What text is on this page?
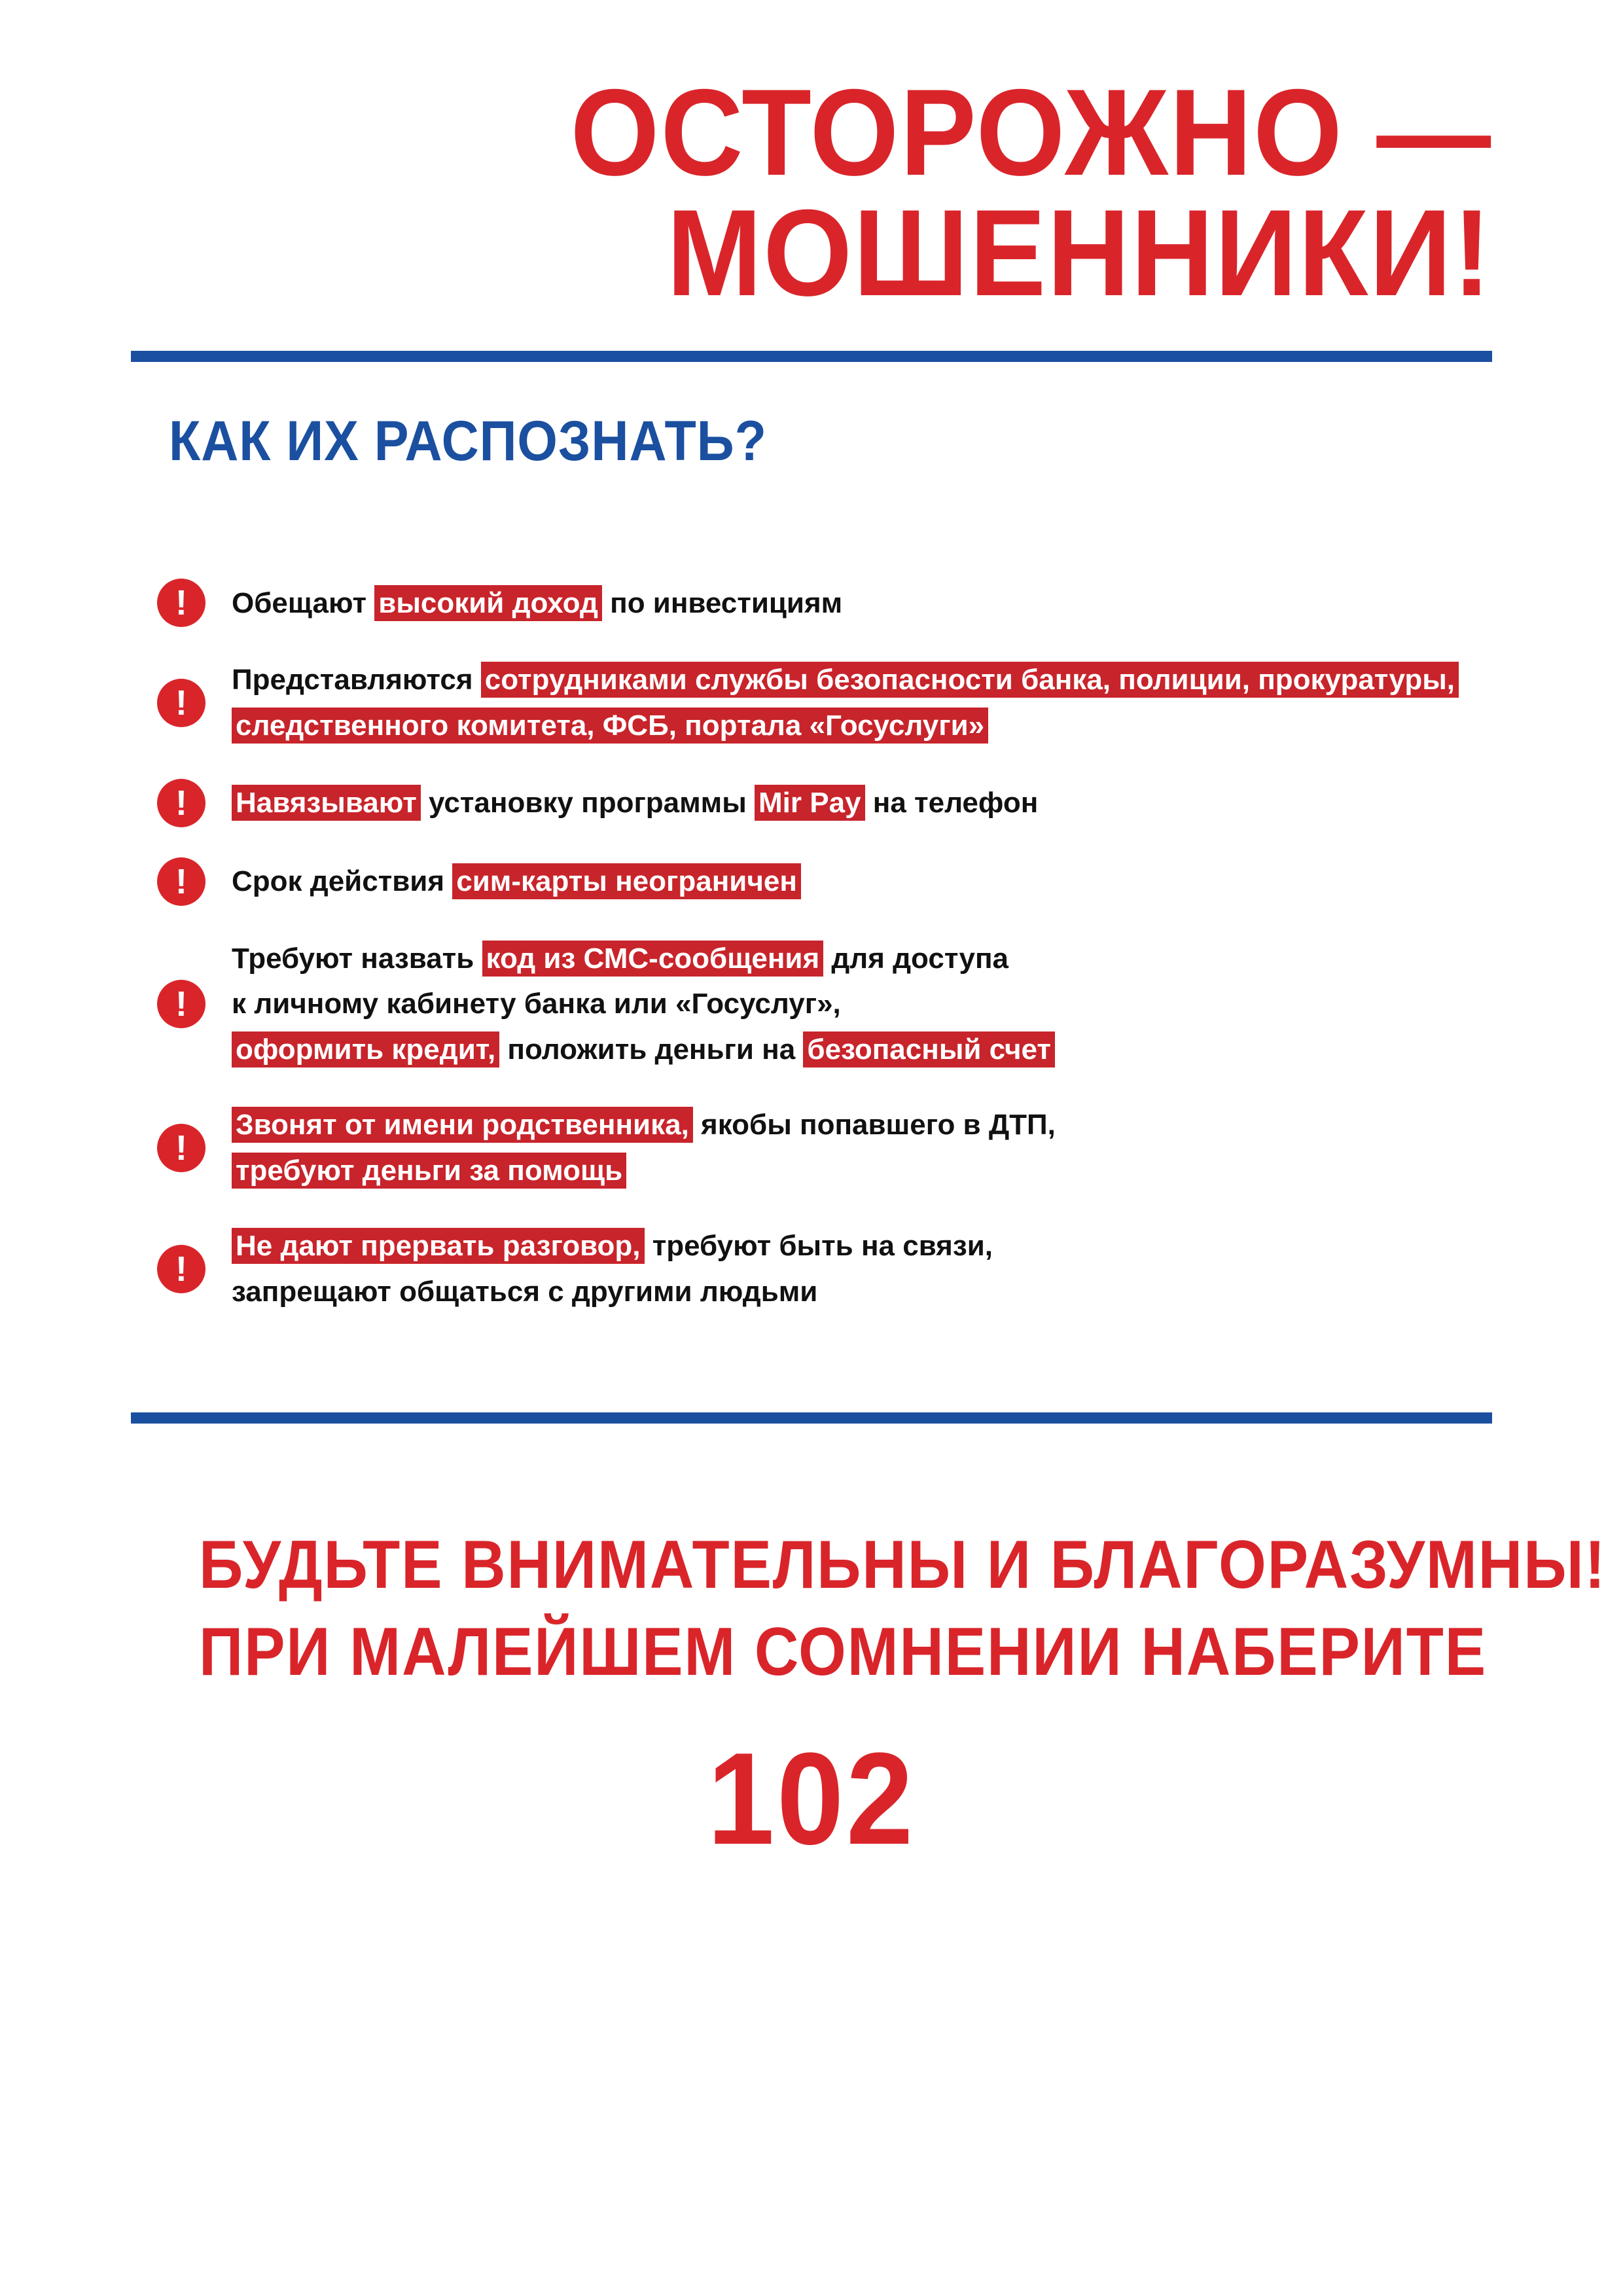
ОСТОРОЖНО —
МОШЕННИКИ!
КАК ИХ РАСПОЗНАТЬ?
!	Обещают высокий доход по инвестициям
!
Представляются сотрудниками службы безопасности банка, полиции, прокуратуры, следственного комитета, ФСБ, портала «Госуслуги»
!	Навязывают установку программы Mir Pay на телефон
!	Срок действия сим-карты неограничен
!
Требуют назвать код из СМС-сообщения для доступа
к личному кабинету банка или «Госуслуг»,
оформить кредит, положить деньги на безопасный счет
!
Звонят от имени родственника, якобы попавшего в ДТП,
требуют деньги за помощь
!
Не дают прервать разговор, требуют быть на связи,
запрещают общаться с другими людьми
БУДЬТЕ ВНИМАТЕЛЬНЫ И БЛАГОРАЗУМНЫ!
ПРИ МАЛЕЙШЕМ СОМНЕНИИ НАБЕРИТЕ
102
